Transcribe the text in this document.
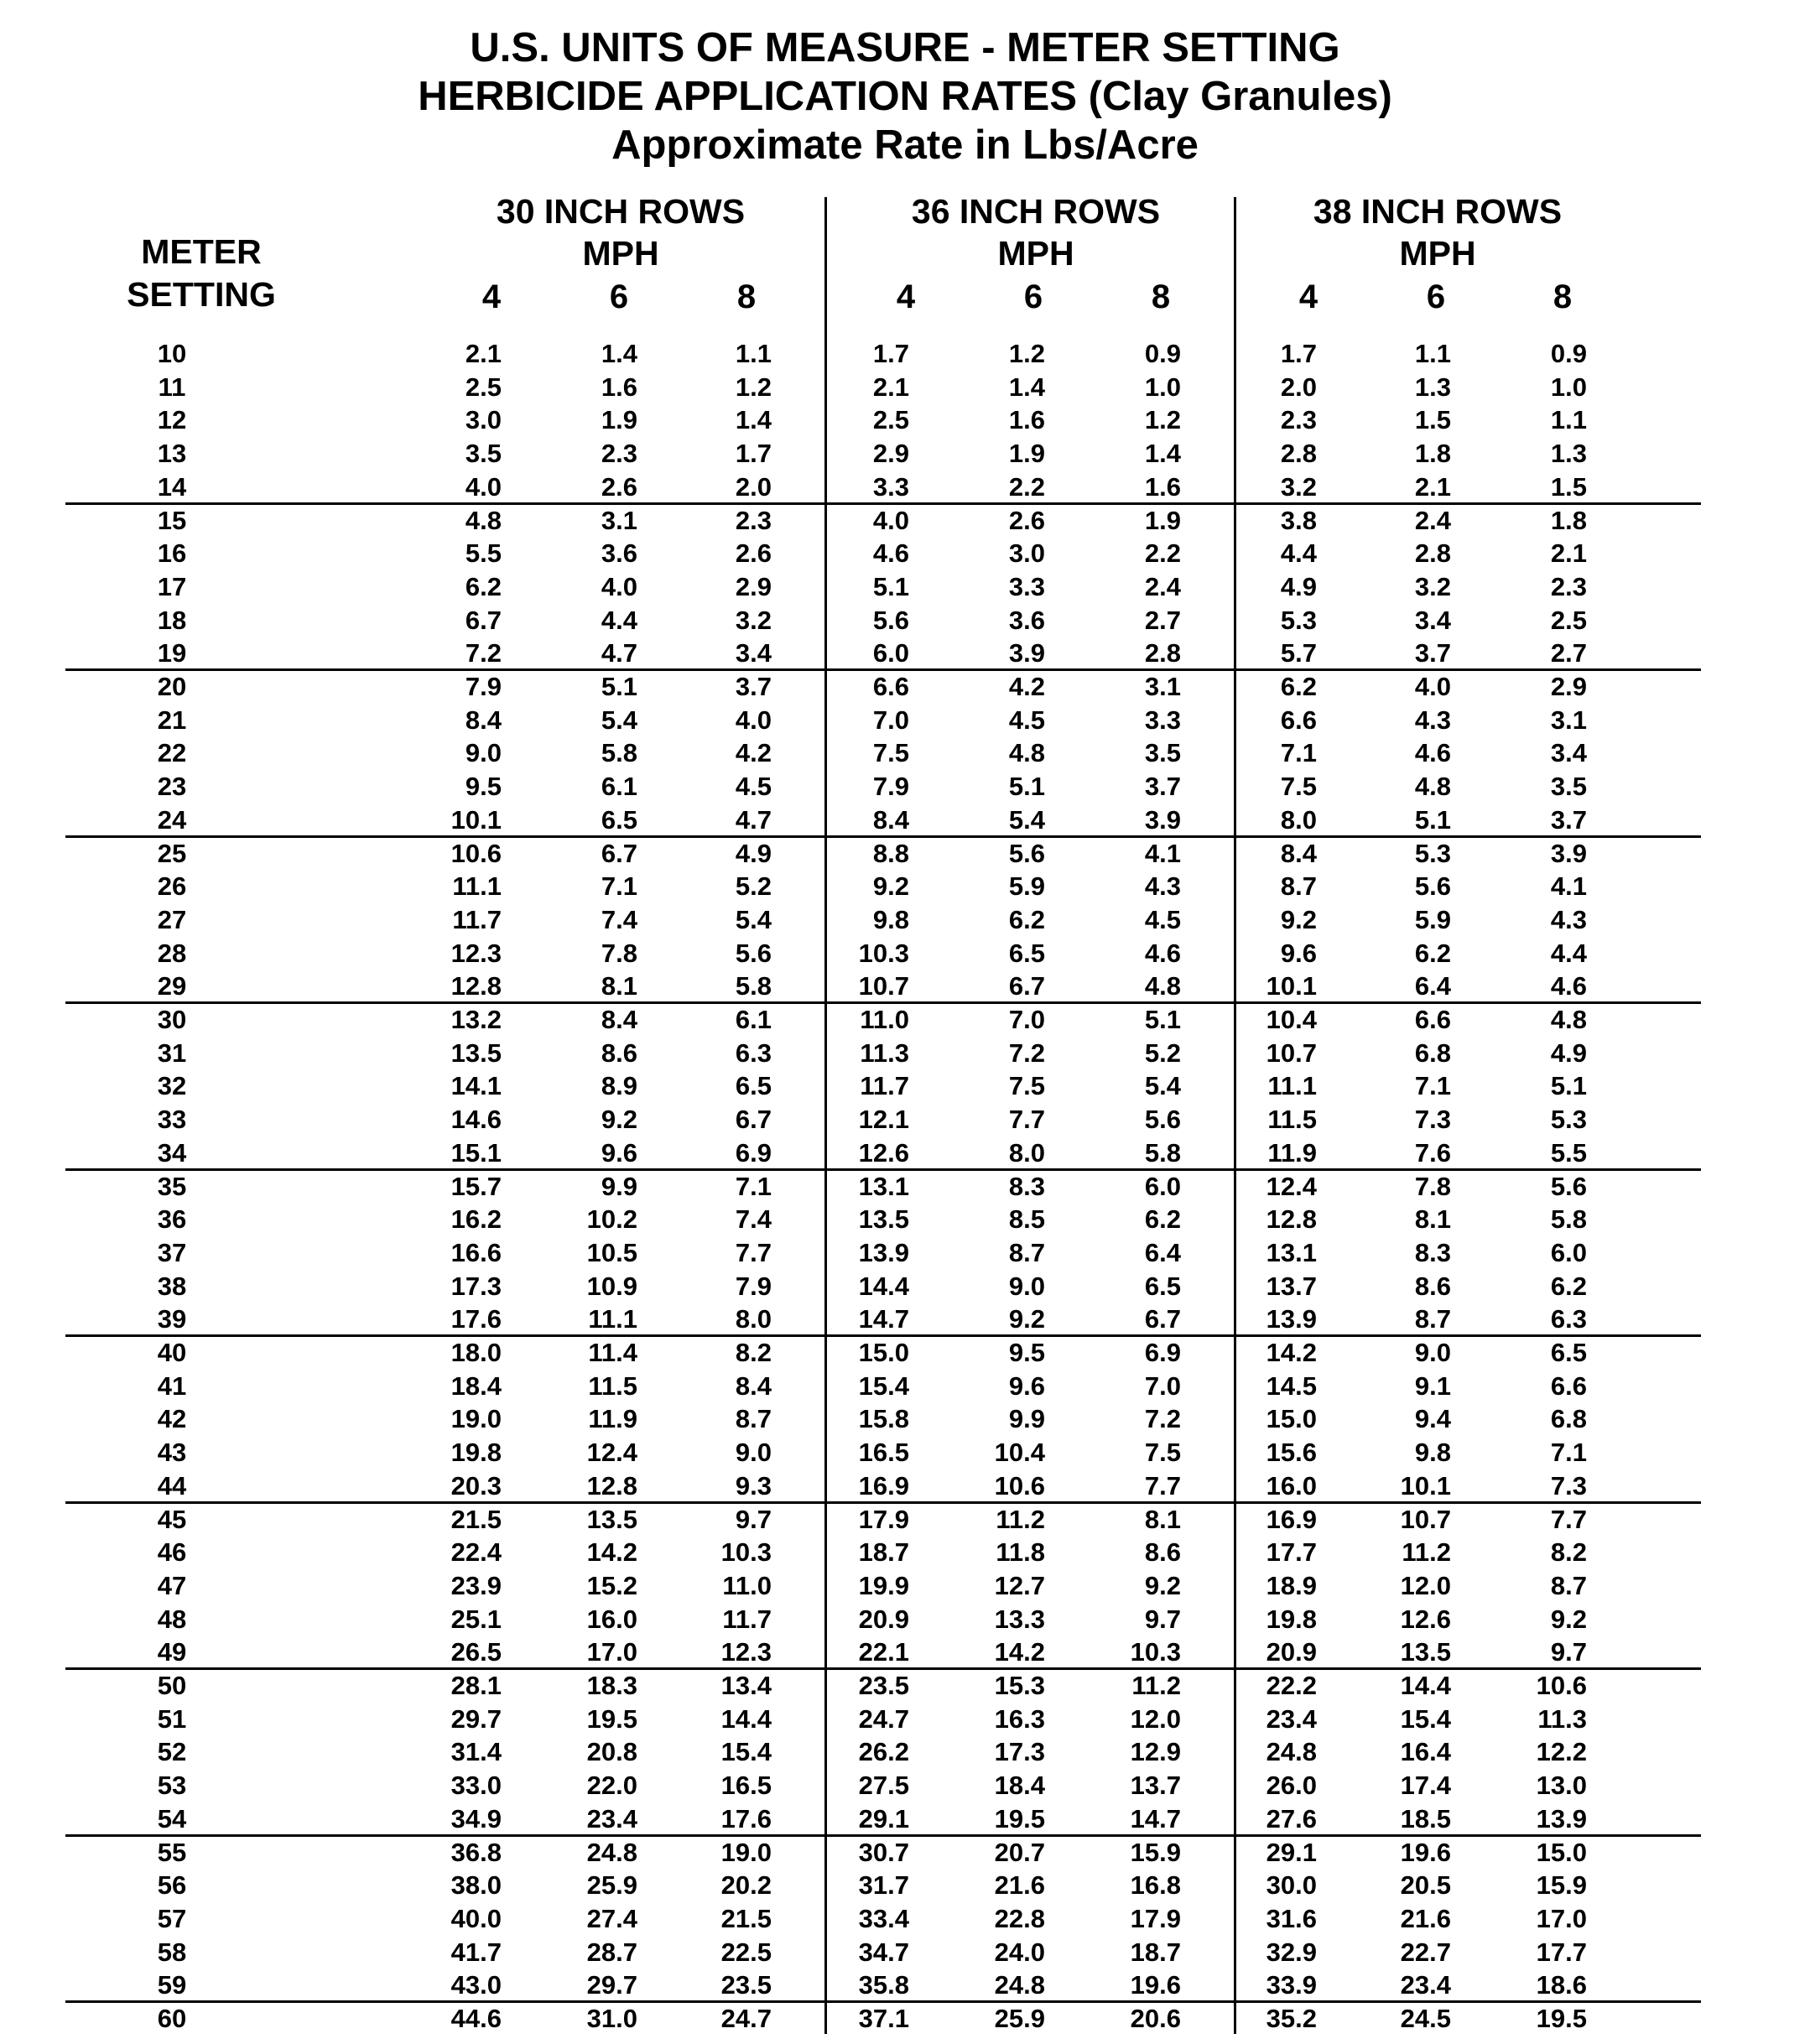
U.S. UNITS OF MEASURE - METER SETTING
HERBICIDE APPLICATION RATES (Clay Granules)
Approximate Rate in Lbs/Acre
METER
SETTING
30 INCH ROWS
MPH
4	6	8
36 INCH ROWS
MPH
4	6	8
38 INCH ROWS
MPH
4	6	8
10	2.1	1.4	1.1	1.7	1.2	0.9	1.7	1.1	0.9
11	2.5	1.6	1.2	2.1	1.4	1.0	2.0	1.3	1.0
12	3.0	1.9	1.4	2.5	1.6	1.2	2.3	1.5	1.1
13	3.5	2.3	1.7	2.9	1.9	1.4	2.8	1.8	1.3
14	4.0	2.6	2.0	3.3	2.2	1.6	3.2	2.1	1.5
15	4.8	3.1	2.3	4.0	2.6	1.9	3.8	2.4	1.8
16	5.5	3.6	2.6	4.6	3.0	2.2	4.4	2.8	2.1
17	6.2	4.0	2.9	5.1	3.3	2.4	4.9	3.2	2.3
18	6.7	4.4	3.2	5.6	3.6	2.7	5.3	3.4	2.5
19	7.2	4.7	3.4	6.0	3.9	2.8	5.7	3.7	2.7
20	7.9	5.1	3.7	6.6	4.2	3.1	6.2	4.0	2.9
21	8.4	5.4	4.0	7.0	4.5	3.3	6.6	4.3	3.1
22	9.0	5.8	4.2	7.5	4.8	3.5	7.1	4.6	3.4
23	9.5	6.1	4.5	7.9	5.1	3.7	7.5	4.8	3.5
24	10.1	6.5	4.7	8.4	5.4	3.9	8.0	5.1	3.7
25	10.6	6.7	4.9	8.8	5.6	4.1	8.4	5.3	3.9
26	11.1	7.1	5.2	9.2	5.9	4.3	8.7	5.6	4.1
27	11.7	7.4	5.4	9.8	6.2	4.5	9.2	5.9	4.3
28	12.3	7.8	5.6	10.3	6.5	4.6	9.6	6.2	4.4
29	12.8	8.1	5.8	10.7	6.7	4.8	10.1	6.4	4.6
30	13.2	8.4	6.1	11.0	7.0	5.1	10.4	6.6	4.8
31	13.5	8.6	6.3	11.3	7.2	5.2	10.7	6.8	4.9
32	14.1	8.9	6.5	11.7	7.5	5.4	11.1	7.1	5.1
33	14.6	9.2	6.7	12.1	7.7	5.6	11.5	7.3	5.3
34	15.1	9.6	6.9	12.6	8.0	5.8	11.9	7.6	5.5
35	15.7	9.9	7.1	13.1	8.3	6.0	12.4	7.8	5.6
36	16.2	10.2	7.4	13.5	8.5	6.2	12.8	8.1	5.8
37	16.6	10.5	7.7	13.9	8.7	6.4	13.1	8.3	6.0
38	17.3	10.9	7.9	14.4	9.0	6.5	13.7	8.6	6.2
39	17.6	11.1	8.0	14.7	9.2	6.7	13.9	8.7	6.3
40	18.0	11.4	8.2	15.0	9.5	6.9	14.2	9.0	6.5
41	18.4	11.5	8.4	15.4	9.6	7.0	14.5	9.1	6.6
42	19.0	11.9	8.7	15.8	9.9	7.2	15.0	9.4	6.8
43	19.8	12.4	9.0	16.5	10.4	7.5	15.6	9.8	7.1
44	20.3	12.8	9.3	16.9	10.6	7.7	16.0	10.1	7.3
45	21.5	13.5	9.7	17.9	11.2	8.1	16.9	10.7	7.7
46	22.4	14.2	10.3	18.7	11.8	8.6	17.7	11.2	8.2
47	23.9	15.2	11.0	19.9	12.7	9.2	18.9	12.0	8.7
48	25.1	16.0	11.7	20.9	13.3	9.7	19.8	12.6	9.2
49	26.5	17.0	12.3	22.1	14.2	10.3	20.9	13.5	9.7
50	28.1	18.3	13.4	23.5	15.3	11.2	22.2	14.4	10.6
51	29.7	19.5	14.4	24.7	16.3	12.0	23.4	15.4	11.3
52	31.4	20.8	15.4	26.2	17.3	12.9	24.8	16.4	12.2
53	33.0	22.0	16.5	27.5	18.4	13.7	26.0	17.4	13.0
54	34.9	23.4	17.6	29.1	19.5	14.7	27.6	18.5	13.9
55	36.8	24.8	19.0	30.7	20.7	15.9	29.1	19.6	15.0
56	38.0	25.9	20.2	31.7	21.6	16.8	30.0	20.5	15.9
57	40.0	27.4	21.5	33.4	22.8	17.9	31.6	21.6	17.0
58	41.7	28.7	22.5	34.7	24.0	18.7	32.9	22.7	17.7
59	43.0	29.7	23.5	35.8	24.8	19.6	33.9	23.4	18.6
60	44.6	31.0	24.7	37.1	25.9	20.6	35.2	24.5	19.5
